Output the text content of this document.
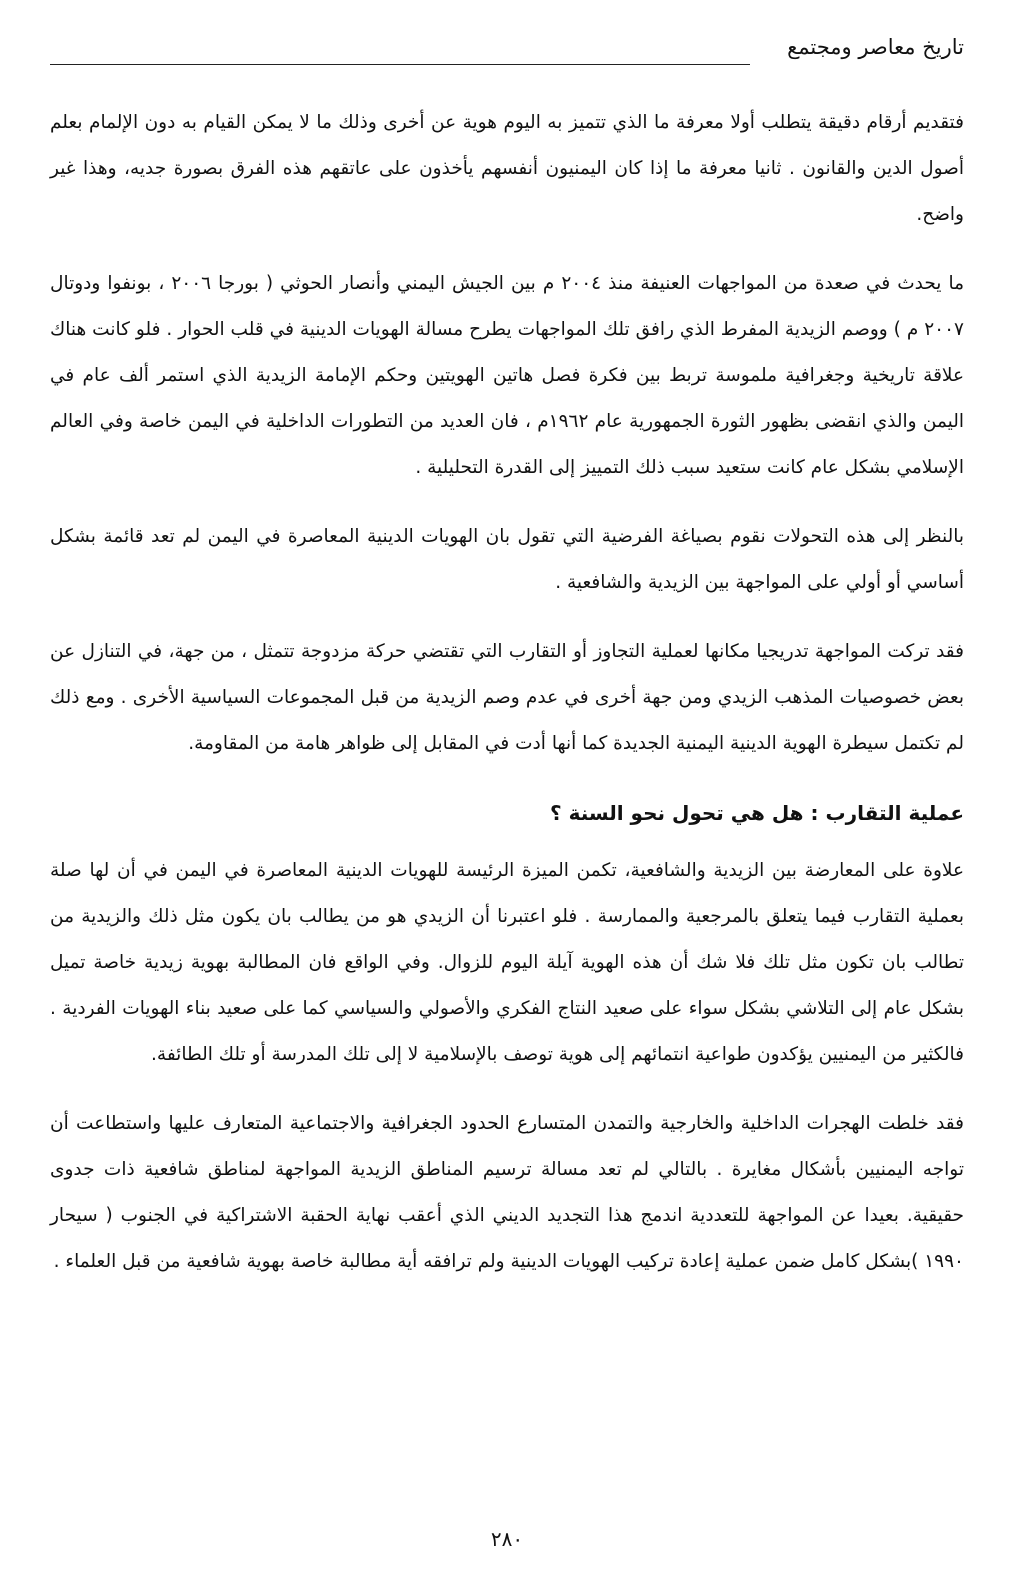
تاريخ معاصر ومجتمع

فتقديم أرقام دقيقة يتطلب أولا معرفة ما الذي تتميز به اليوم هوية عن أخرى وذلك ما لا يمكن القيام به دون الإلمام بعلم أصول الدين والقانون . ثانيا معرفة ما إذا كان اليمنيون أنفسهم يأخذون على عاتقهم هذه الفرق بصورة جديه، وهذا غير واضح.

ما يحدث في صعدة من المواجهات العنيفة منذ ٢٠٠٤ م بين الجيش اليمني وأنصار الحوثي ( بورجا ٢٠٠٦ ، بونفوا ودوتال ٢٠٠٧ م ) ووصم الزيدية المفرط الذي رافق تلك المواجهات يطرح مسالة الهويات الدينية في قلب الحوار . فلو كانت هناك علاقة تاريخية وجغرافية ملموسة تربط بين فكرة فصل هاتين الهويتين وحكم الإمامة الزيدية الذي استمر ألف عام في اليمن والذي انقضى بظهور الثورة الجمهورية عام ١٩٦٢م ، فان العديد من التطورات الداخلية في اليمن خاصة وفي العالم الإسلامي بشكل عام كانت ستعيد سبب ذلك التمييز إلى القدرة التحليلية .

بالنظر إلى هذه التحولات نقوم بصياغة الفرضية التي تقول بان الهويات الدينية المعاصرة في اليمن لم تعد قائمة بشكل أساسي أو أولي على المواجهة بين الزيدية والشافعية .

فقد تركت المواجهة تدريجيا مكانها لعملية التجاوز أو التقارب التي تقتضي حركة مزدوجة تتمثل ، من جهة، في التنازل عن بعض خصوصيات المذهب الزيدي ومن جهة أخرى في عدم وصم الزيدية من قبل المجموعات السياسية الأخرى . ومع ذلك لم تكتمل سيطرة الهوية الدينية اليمنية الجديدة كما أنها أدت في المقابل إلى ظواهر هامة من المقاومة.

عملية التقارب : هل هي تحول نحو السنة ؟

علاوة على المعارضة بين الزيدية والشافعية، تكمن الميزة الرئيسة للهويات الدينية المعاصرة في اليمن في أن لها صلة بعملية التقارب فيما يتعلق بالمرجعية والممارسة . فلو اعتبرنا أن الزيدي هو من يطالب بان يكون مثل ذلك والزيدية من تطالب بان تكون مثل تلك فلا شك أن هذه الهوية آيلة اليوم للزوال. وفي الواقع فان المطالبة بهوية زيدية خاصة تميل بشكل عام إلى التلاشي بشكل سواء على صعيد النتاج الفكري والأصولي والسياسي كما على صعيد بناء الهويات الفردية . فالكثير من اليمنيين يؤكدون طواعية انتمائهم إلى هوية توصف بالإسلامية لا إلى تلك المدرسة أو تلك الطائفة.

فقد خلطت الهجرات الداخلية والخارجية والتمدن المتسارع الحدود الجغرافية والاجتماعية المتعارف عليها واستطاعت أن تواجه اليمنيين بأشكال مغايرة . بالتالي لم تعد مسالة ترسيم المناطق الزيدية المواجهة لمناطق شافعية ذات جدوى حقيقية. بعيدا عن المواجهة للتعددية اندمج هذا التجديد الديني الذي أعقب نهاية الحقبة الاشتراكية في الجنوب ( سيحار ١٩٩٠ )بشكل كامل ضمن عملية إعادة تركيب الهويات الدينية ولم ترافقه أية مطالبة خاصة بهوية شافعية من قبل العلماء .

٢٨٠
